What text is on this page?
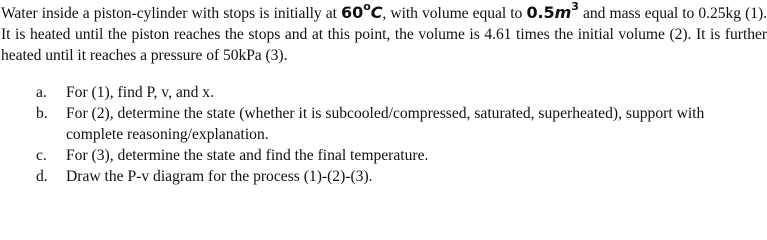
Water inside a piston-cylinder with stops is initially at 60$^o$C, with volume equal to $0.5m^3$ and mass equal to 0.25kg (1). It is heated until the piston reaches the stops and at this point, the volume is 4.61 times the initial volume (2). It is further heated until it reaches a pressure of 50kPa (3).

a. For (1), find P, v, and x.
b. For (2), determine the state (whether it is subcooled/compressed, saturated, superheated), support with complete reasoning/explanation.
c. For (3), determine the state and find the final temperature.
d. Draw the P-v diagram for the process (1)-(2)-(3).
